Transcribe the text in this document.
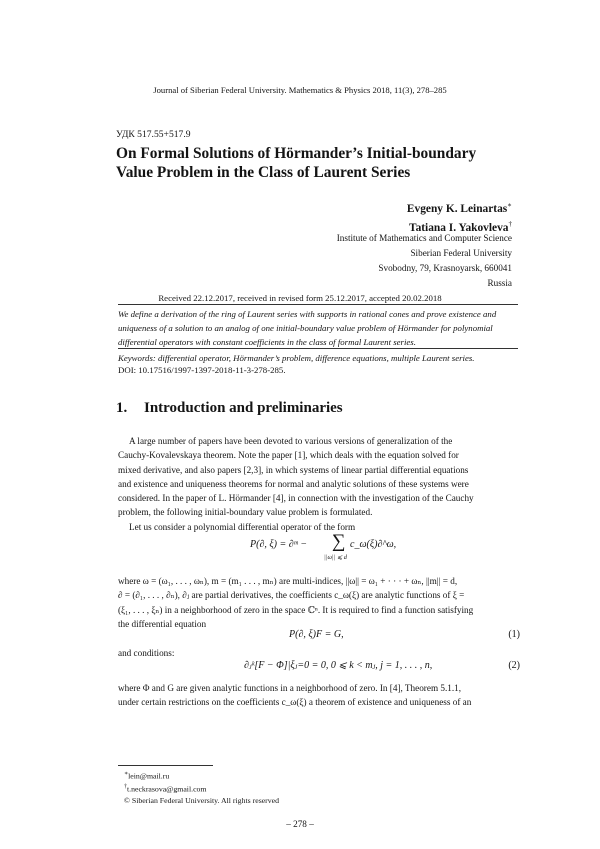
Journal of Siberian Federal University. Mathematics & Physics 2018, 11(3), 278–285
УДК 517.55+517.9
On Formal Solutions of Hörmander’s Initial-boundary
Value Problem in the Class of Laurent Series
Evgeny K. Leinartas∗
Tatiana I. Yakovleva†
Institute of Mathematics and Computer Science
Siberian Federal University
Svobodny, 79, Krasnoyarsk, 660041
Russia
Received 22.12.2017, received in revised form 25.12.2017, accepted 20.02.2018
We define a derivation of the ring of Laurent series with supports in rational cones and prove existence and
uniqueness of a solution to an analog of one initial-boundary value problem of Hörmander for polynomial
differential operators with constant coefficients in the class of formal Laurent series.
Keywords: differential operator, Hörmander’s problem, difference equations, multiple Laurent series.
DOI: 10.17516/1997-1397-2018-11-3-278-285.
1. Introduction and preliminaries
A large number of papers have been devoted to various versions of generalization of the
Cauchy-Kovalevskaya theorem. Note the paper [1], which deals with the equation solved for
mixed derivative, and also papers [2,3], in which systems of linear partial differential equations
and existence and uniqueness theorems for normal and analytic solutions of these systems were
considered. In the paper of L. Hörmander [4], in connection with the investigation of the Cauchy
problem, the following initial-boundary value problem is formulated.
Let us consider a polynomial differential operator of the form
P(∂, ξ) = ∂ᵐ − ∑
||ω|| ⩽ d
c_ω(ξ)∂^ω,
where ω = (ω₁, . . . , ωₙ), m = (m₁ . . . , mₙ) are multi-indices, ||ω|| = ω₁ + · · · + ωₙ, ||m|| = d,
∂ = (∂₁, . . . , ∂ₙ), ∂ⱼ are partial derivatives, the coefficients c_ω(ξ) are analytic functions of ξ =
(ξ₁, . . . , ξₙ) in a neighborhood of zero in the space ℂⁿ. It is required to find a function satisfying
the differential equation
P(∂, ξ)F = G,	(1)
and conditions:
∂ⱼᵏ[F − Φ]|ξⱼ=0 = 0, 0 ⩽ k < mⱼ, j = 1, . . . , n,	(2)
where Φ and G are given analytic functions in a neighborhood of zero. In [4], Theorem 5.1.1,
under certain restrictions on the coefficients c_ω(ξ) a theorem of existence and uniqueness of an
∗lein@mail.ru
†t.neckrasova@gmail.com
© Siberian Federal University. All rights reserved
– 278 –
